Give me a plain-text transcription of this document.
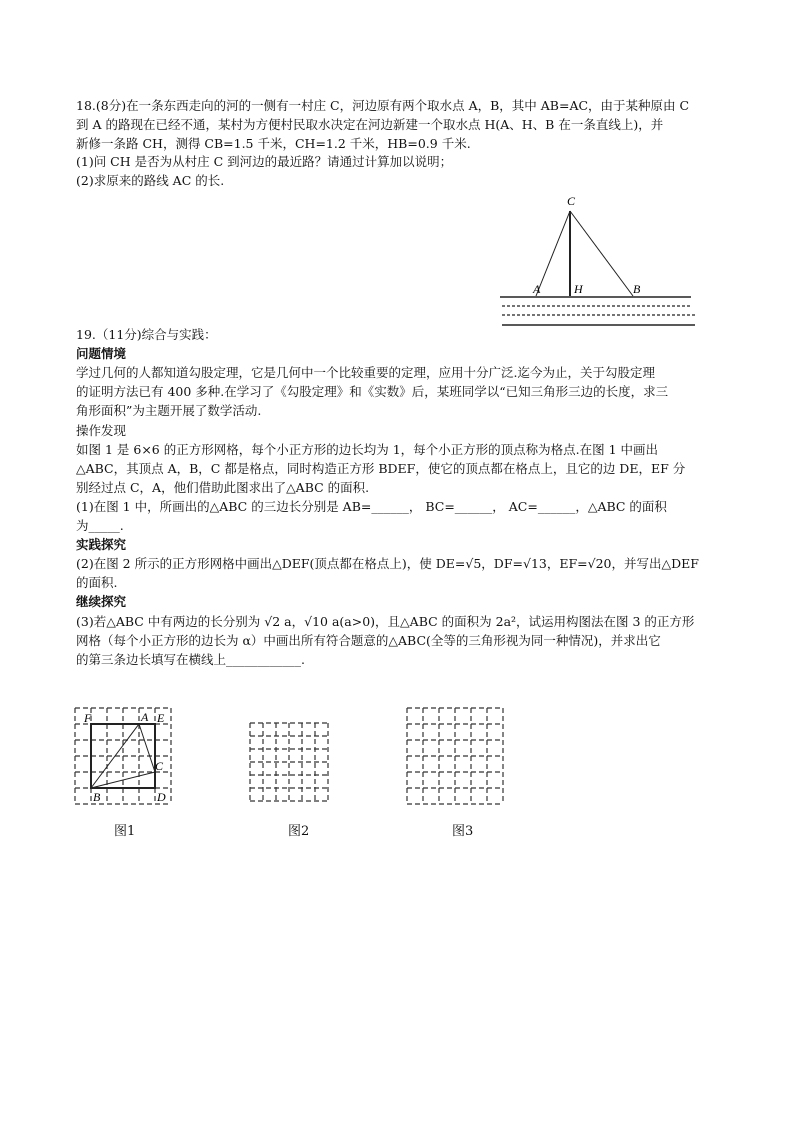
18.(8分)在一条东西走向的河的一侧有一村庄 C，河边原有两个取水点 A，B，其中 AB=AC，由于某种原由 C
到 A 的路现在已经不通，某村为方便村民取水决定在河边新建一个取水点 H(A、H、B 在一条直线上)，并
新修一条路 CH，测得 CB=1.5 千米，CH=1.2 千米，HB=0.9 千米.
(1)问 CH 是否为从村庄 C 到河边的最近路？请通过计算加以说明；
(2)求原来的路线 AC 的长.
19.（11分)综合与实践：
问题情境
学过几何的人都知道勾股定理，它是几何中一个比较重要的定理，应用十分广泛.迄今为止，关于勾股定理
的证明方法已有 400 多种.在学习了《勾股定理》和《实数》后，某班同学以“已知三角形三边的长度，求三
角形面积”为主题开展了数学活动.
操作发现
如图 1 是 6×6 的正方形网格，每个小正方形的边长均为 1，每个小正方形的顶点称为格点.在图 1 中画出
△ABC，其顶点 A，B，C 都是格点，同时构造正方形 BDEF，使它的顶点都在格点上，且它的边 DE，EF 分
别经过点 C，A，他们借助此图求出了△ABC 的面积.
(1)在图 1 中，所画出的△ABC 的三边长分别是 AB=______， BC=______， AC=______，△ABC 的面积
为_____.
实践探究
(2)在图 2 所示的正方形网格中画出△DEF(顶点都在格点上)，使 DE=√5，DF=√13，EF=√20，并写出△DEF
的面积.
继续探究
(3)若△ABC 中有两边的长分别为 √2 a，√10 a(a>0)，且△ABC 的面积为 2a²，试运用构图法在图 3 的正方形
网格（每个小正方形的边长为 α）中画出所有符合题意的△ABC(全等的三角形视为同一种情况)，并求出它
的第三条边长填写在横线上____________.
C
A	H	B
F	A E
C
B	D
图1	图2	图3
